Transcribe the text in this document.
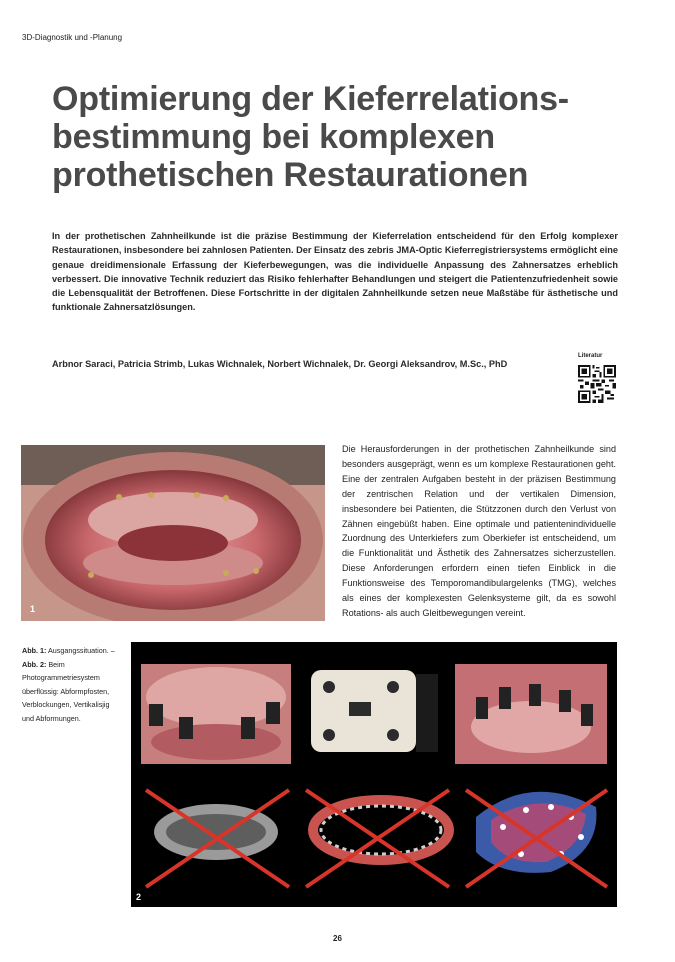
3D-Diagnostik und -Planung
Optimierung der Kieferrelations-
bestimmung bei komplexen
prothetischen Restaurationen
In der prothetischen Zahnheilkunde ist die präzise Bestimmung der Kieferrelation entscheidend für den Erfolg komplexer Restaurationen, insbesondere bei zahnlosen Patienten. Der Einsatz des zebris JMA-Optic Kieferregistriersystems ermöglicht eine genaue dreidimensionale Erfassung der Kieferbewegungen, was die individuelle Anpassung des Zahnersatzes erheblich verbessert. Die innovative Technik reduziert das Risiko fehlerhafter Behandlungen und steigert die Patientenzufriedenheit sowie die Lebensqualität der Betroffenen. Diese Fortschritte in der digitalen Zahnheilkunde setzen neue Maßstäbe für ästhetische und funktionale Zahnersatzlösungen.
Arbnor Saraci, Patricia Strimb, Lukas Wichnalek, Norbert Wichnalek, Dr. Georgi Aleksandrov, M.Sc., PhD
Literatur
1
Die Herausforderungen in der prothetischen Zahnheilkunde sind besonders ausgeprägt, wenn es um komplexe Restaurationen geht. Eine der zentralen Aufgaben besteht in der präzisen Bestimmung der zentrischen Relation und der vertikalen Dimension, insbesondere bei Patienten, die Stützzonen durch den Verlust von Zähnen eingebüßt haben. Eine optimale und patientenindividuelle Zuordnung des Unterkiefers zum Oberkiefer ist entscheidend, um die Funktionalität und Ästhetik des Zahnersatzes sicherzustellen. Diese Anforderungen erfordern einen tiefen Einblick in die Funktionsweise des Temporomandibulargelenks (TMG), welches als eines der komplexesten Gelenksysteme gilt, da es sowohl Rotations- als auch Gleitbewegungen vereint.
Abb. 1: Ausgangssituation. – Abb. 2: Beim Photogrammetriesystem überflüssig: Abformpfosten, Verblockungen, Vertikalisjig und Abformungen.
2
26
